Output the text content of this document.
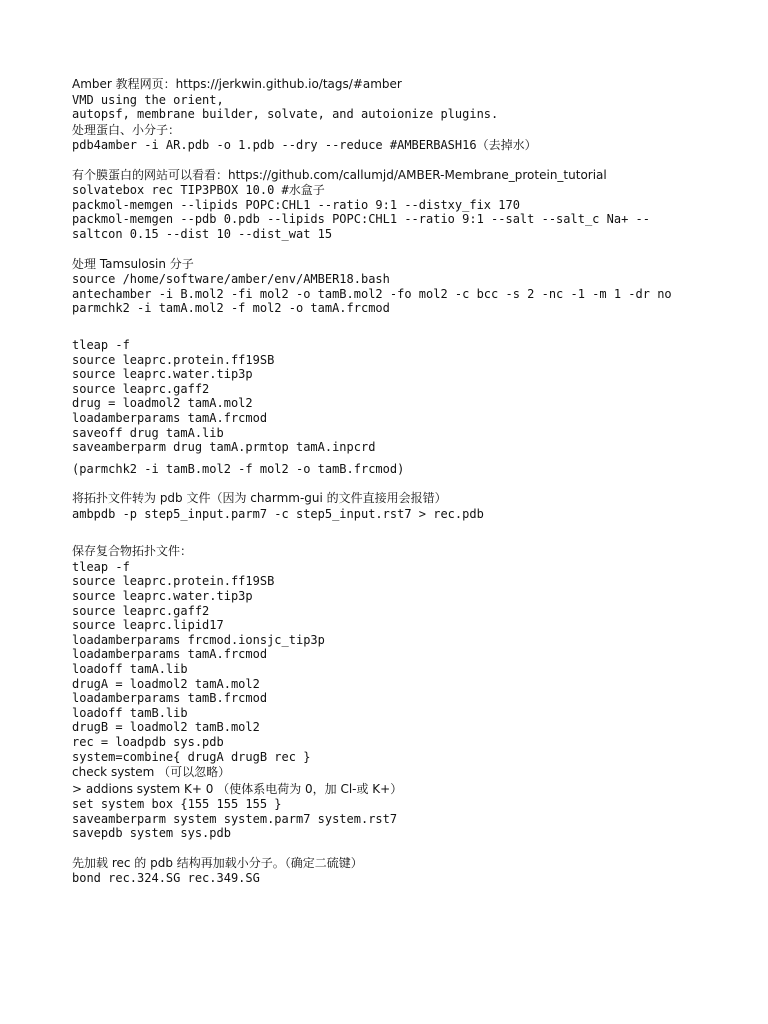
Amber 教程网页：https://jerkwin.github.io/tags/#amber
VMD using the orient,
autopsf, membrane builder, solvate, and autoionize plugins.
处理蛋白、小分子：
pdb4amber -i AR.pdb -o 1.pdb --dry --reduce #AMBERBASH16（去掉水）
有个膜蛋白的网站可以看看：https://github.com/callumjd/AMBER-Membrane_protein_tutorial
solvatebox rec TIP3PBOX 10.0 #水盒子
packmol-memgen --lipids POPC:CHL1 --ratio 9:1 --distxy_fix 170
packmol-memgen --pdb 0.pdb --lipids POPC:CHL1 --ratio 9:1 --salt --salt_c Na+ --
saltcon 0.15 --dist 10 --dist_wat 15
处理 Tamsulosin 分子
source /home/software/amber/env/AMBER18.bash
antechamber -i B.mol2 -fi mol2 -o tamB.mol2 -fo mol2 -c bcc -s 2 -nc -1 -m 1 -dr no
parmchk2 -i tamA.mol2 -f mol2 -o tamA.frcmod
tleap -f
source leaprc.protein.ff19SB
source leaprc.water.tip3p
source leaprc.gaff2
drug = loadmol2 tamA.mol2
loadamberparams tamA.frcmod
saveoff drug tamA.lib
saveamberparm drug tamA.prmtop tamA.inpcrd
(parmchk2 -i tamB.mol2 -f mol2 -o tamB.frcmod)
将拓扑文件转为 pdb 文件（因为 charmm-gui 的文件直接用会报错）
ambpdb -p step5_input.parm7 -c step5_input.rst7 > rec.pdb
保存复合物拓扑文件：
tleap -f
source leaprc.protein.ff19SB
source leaprc.water.tip3p
source leaprc.gaff2
source leaprc.lipid17
loadamberparams frcmod.ionsjc_tip3p
loadamberparams tamA.frcmod
loadoff tamA.lib
drugA = loadmol2 tamA.mol2
loadamberparams tamB.frcmod
loadoff tamB.lib
drugB = loadmol2 tamB.mol2
rec = loadpdb sys.pdb
system=combine{ drugA drugB rec }
check system （可以忽略）
> addions system K+ 0 （使体系电荷为 0，加 Cl-或 K+）
set system box {155 155 155 }
saveamberparm system system.parm7 system.rst7
savepdb system sys.pdb
先加载 rec 的 pdb 结构再加载小分子。（确定二硫键）
bond rec.324.SG rec.349.SG
